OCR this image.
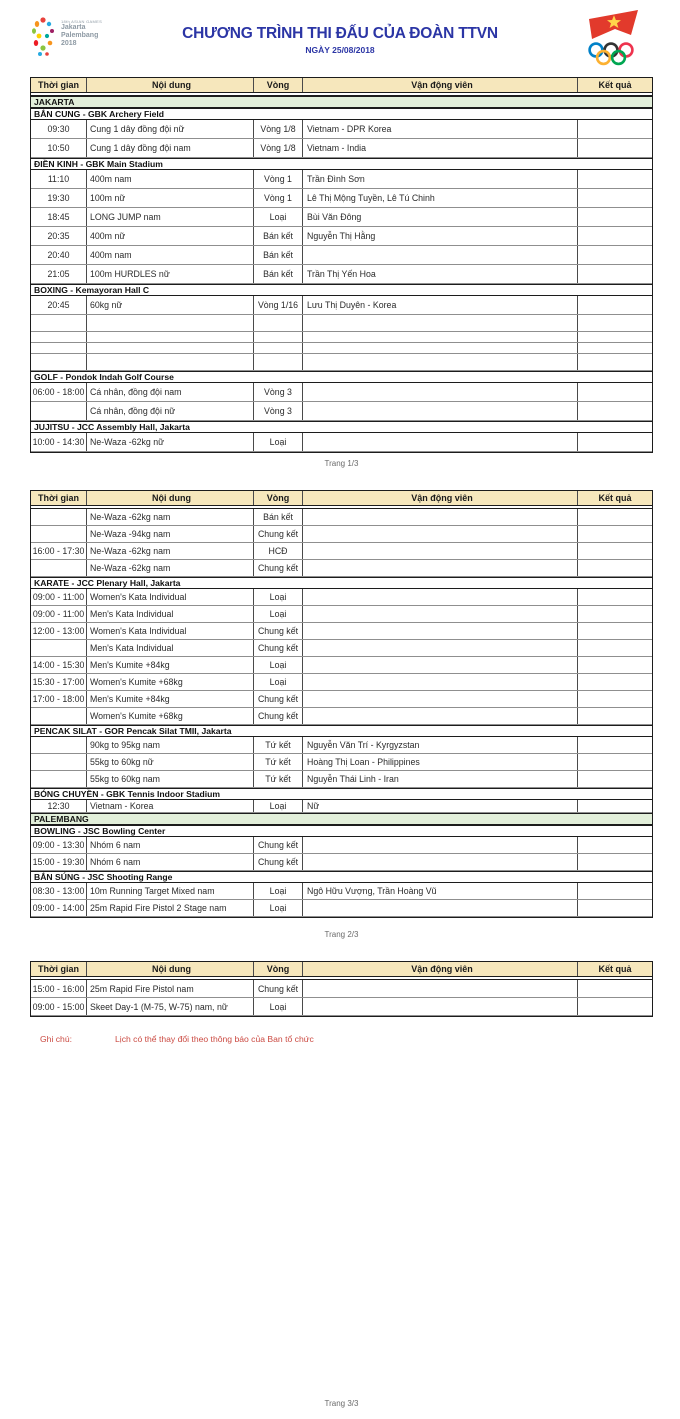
18th ASIAN GAMES
Jakarta
Palembang
2018
CHƯƠNG TRÌNH THI ĐẤU CỦA ĐOÀN TTVN
NGÀY 25/08/2018
Thời gian	Nội dung	Vòng	Vận động viên	Kết quả
JAKARTA
BẮN CUNG - GBK Archery Field
09:30	Cung 1 dây đồng đội nữ	Vòng 1/8	Vietnam - DPR Korea
10:50	Cung 1 dây đồng đội nam	Vòng 1/8	Vietnam - India
ĐIỀN KINH - GBK Main Stadium
11:10	400m nam	Vòng 1	Trần Đình Sơn
19:30	100m nữ	Vòng 1	Lê Thị Mộng Tuyền, Lê Tú Chinh
18:45	LONG JUMP nam	Loại	Bùi Văn Đông
20:35	400m nữ	Bán kết	Nguyễn Thị Hằng
20:40	400m nam	Bán kết
21:05	100m HURDLES nữ	Bán kết	Trần Thị Yến Hoa
BOXING - Kemayoran Hall C
20:45	60kg nữ	Vòng 1/16	Lưu Thị Duyên - Korea
GOLF - Pondok Indah Golf Course
06:00 - 18:00 Cá nhân, đồng đội nam	Vòng 3
Cá nhân, đồng đội nữ	Vòng 3
JUJITSU - JCC Assembly Hall, Jakarta
10:00 - 14:30 Ne-Waza -62kg nữ	Loại
Trang 1/3
Thời gian	Nội dung	Vòng	Vận động viên	Kết quả
Ne-Waza -62kg nam	Bán kết
Ne-Waza -94kg nam	Chung kết
16:00 - 17:30 Ne-Waza -62kg nam	HCĐ
Ne-Waza -62kg nam	Chung kết
KARATE - JCC Plenary Hall, Jakarta
09:00 - 11:00 Women's Kata Individual	Loại
09:00 - 11:00 Men's Kata Individual	Loại
12:00 - 13:00 Women's Kata Individual	Chung kết
Men's Kata Individual	Chung kết
14:00 - 15:30 Men's Kumite +84kg	Loại
15:30 - 17:00 Women's Kumite +68kg	Loại
17:00 - 18:00 Men's Kumite +84kg	Chung kết
Women's Kumite +68kg	Chung kết
PENCAK SILAT - GOR Pencak Silat TMII, Jakarta
90kg to 95kg nam	Tứ kết	Nguyễn Văn Trí - Kyrgyzstan
55kg to 60kg nữ	Tứ kết	Hoàng Thị Loan - Philippines
55kg to 60kg nam	Tứ kết	Nguyễn Thái Linh - Iran
BÓNG CHUYỀN - GBK Tennis Indoor Stadium
12:30	Vietnam - Korea	Loại	Nữ
PALEMBANG
BOWLING - JSC Bowling Center
09:00 - 13:30 Nhóm 6 nam	Chung kết
15:00 - 19:30 Nhóm 6 nam	Chung kết
BẮN SÚNG - JSC Shooting Range
08:30 - 13:00 10m Running Target Mixed nam	Loại	Ngô Hữu Vượng, Trần Hoàng Vũ
09:00 - 14:00 25m Rapid Fire Pistol 2 Stage nam	Loại
Trang 2/3
Thời gian	Nội dung	Vòng	Vận động viên	Kết quả
15:00 - 16:00 25m Rapid Fire Pistol nam	Chung kết
09:00 - 15:00 Skeet Day-1 (M-75, W-75) nam, nữ	Loại
Ghi chú:	Lịch có thể thay đổi theo thông báo của Ban tổ chức
Trang 3/3
